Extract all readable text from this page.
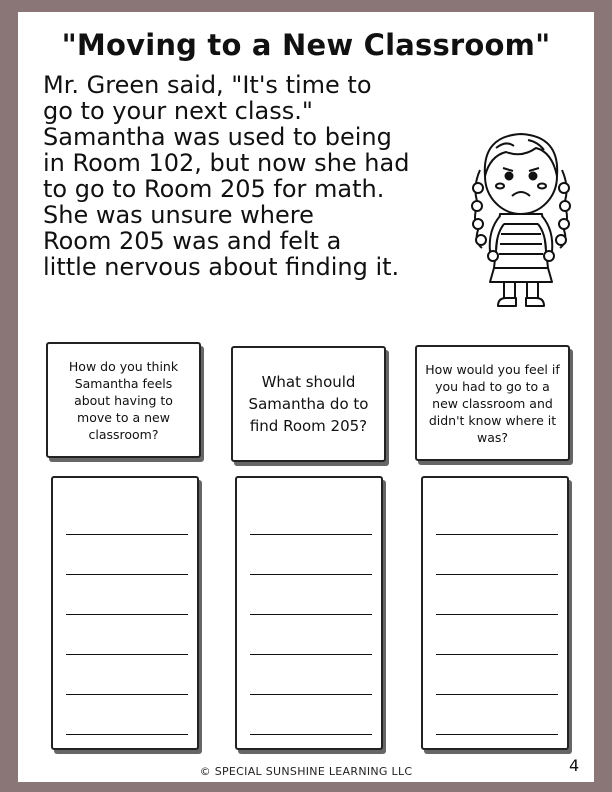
"Moving to a New Classroom"

Mr. Green said, "It's time to
go to your next class."
Samantha was used to being
in Room 102, but now she had
to go to Room 205 for math.
She was unsure where
Room 205 was and felt a
little nervous about finding it.

How do you think Samantha feels about having to move to a new classroom?

What should Samantha do to find Room 205?

How would you feel if you had to go to a new classroom and didn't know where it was?

© SPECIAL SUNSHINE LEARNING LLC	4
